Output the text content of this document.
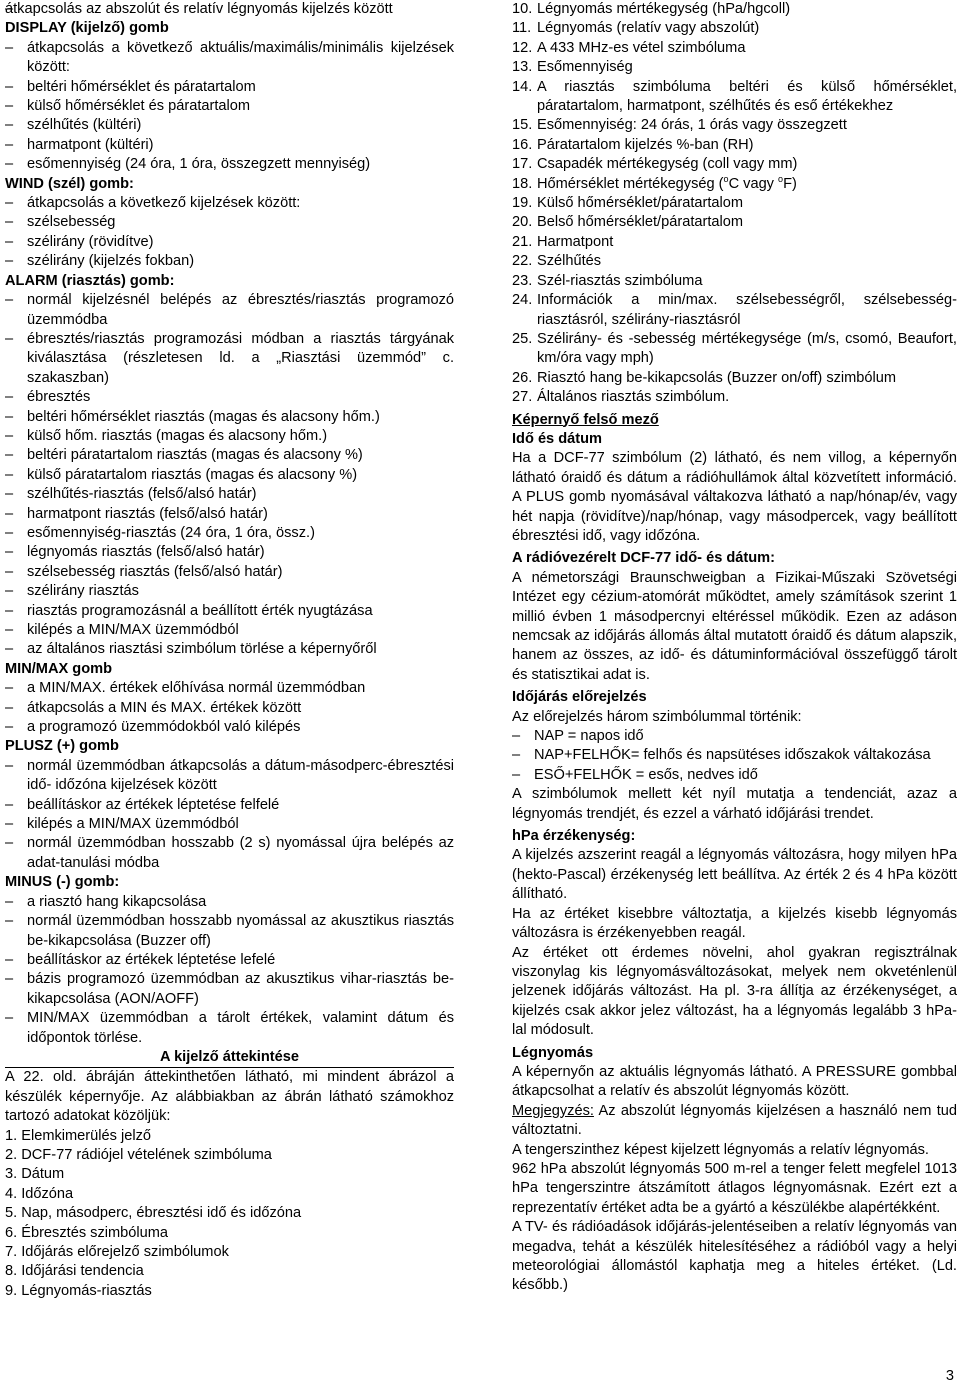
– átkapcsolás az abszolút és relatív légnyomás kijelzés között

DISPLAY (kijelző) gomb

– átkapcsolás a következő aktuális/maximális/minimális kijelzések között:

– beltéri hőmérséklet és páratartalom

– külső hőmérséklet és páratartalom

– szélhűtés (kültéri)

– harmatpont (kültéri)

– esőmennyiség (24 óra, 1 óra, összegzett mennyiség)

WIND (szél) gomb:

– átkapcsolás a következő kijelzések között:

– szélsebesség

– szélirány (rövidítve)

– szélirány (kijelzés fokban)

ALARM (riasztás) gomb:

– normál kijelzésnél belépés az ébresztés/riasztás programozó üzemmódba

– ébresztés/riasztás programozási módban a riasztás tárgyának kiválasztása (részletesen ld. a „Riasztási üzemmód” c. szakaszban)

– ébresztés

– beltéri hőmérséklet riasztás (magas és alacsony hőm.)

– külső hőm. riasztás (magas és alacsony hőm.)

– beltéri páratartalom riasztás (magas és alacsony %)

– külső páratartalom riasztás (magas és alacsony %)

– szélhűtés-riasztás (felső/alsó határ)

– harmatpont riasztás (felső/alsó határ)

– esőmennyiség-riasztás (24 óra, 1 óra, össz.)

– légnyomás riasztás (felső/alsó határ)

– szélsebesség riasztás (felső/alsó határ)

– szélirány riasztás

– riasztás programozásnál a beállított érték nyugtázása

– kilépés a MIN/MAX üzemmódból

– az általános riasztási szimbólum törlése a képernyőről

MIN/MAX gomb

– a MIN/MAX. értékek előhívása normál üzemmódban

– átkapcsolás a MIN és MAX. értékek között

– a programozó üzemmódokból való kilépés

PLUSZ (+) gomb

– normál üzemmódban átkapcsolás a dátum-másodperc-ébresztési idő- időzóna kijelzések között

– beállításkor az értékek léptetése felfelé

– kilépés a MIN/MAX üzemmódból

– normál üzemmódban hosszabb (2 s) nyomással újra belépés az adat-tanulási módba

MINUS (-) gomb:

– a riasztó hang kikapcsolása

– normál üzemmódban hosszabb nyomással az akusztikus riasztás be-kikapcsolása (Buzzer off)

– beállításkor az értékek léptetése lefelé

– bázis programozó üzemmódban az akusztikus vihar-riasztás be-kikapcsolása (AON/AOFF)

– MIN/MAX üzemmódban a tárolt értékek, valamint dátum és időpontok törlése.

A kijelző áttekintése

A 22. old. ábráján áttekinthetően látható, mi mindent ábrázol a készülék képernyője. Az alábbiakban az ábrán látható számokhoz tartozó adatokat közöljük:

1. Elemkimerülés jelző

2. DCF-77 rádiójel vételének szimbóluma

3. Dátum

4. Időzóna

5. Nap, másodperc, ébresztési idő és időzóna

6. Ébresztés szimbóluma

7. Időjárás előrejelző szimbólumok

8. Időjárási tendencia

9. Légnyomás-riasztás

10. Légnyomás mértékegység (hPa/hgcoll)

11. Légnyomás (relatív vagy abszolút)

12. A 433 MHz-es vétel szimbóluma

13. Esőmennyiség

14. A riasztás szimbóluma beltéri és külső hőmérséklet, páratartalom, harmatpont, szélhűtés és eső értékekhez

15. Esőmennyiség: 24 órás, 1 órás vagy összegzett

16. Páratartalom kijelzés %-ban (RH)

17. Csapadék mértékegység (coll vagy mm)

18. Hőmérséklet mértékegység ($^o$C vagy $^o$F)

19. Külső hőmérséklet/páratartalom

20. Belső hőmérséklet/páratartalom

21. Harmatpont

22. Szélhűtés

23. Szél-riasztás szimbóluma

24. Információk a min/max. szélsebességről, szélsebesség-riasztásról, szélirány-riasztásról

25. Szélirány- és -sebesség mértékegysége (m/s, csomó, Beaufort, km/óra vagy mph)

26. Riasztó hang be-kikapcsolás (Buzzer on/off) szimbólum

27. Általános riasztás szimbólum.

Képernyő felső mező

Idő és dátum

Ha a DCF-77 szimbólum (2) látható, és nem villog, a képernyőn látható óraidő és dátum a rádióhullámok által közvetített információ. A PLUS gomb nyomásával váltakozva látható a nap/hónap/év, vagy hét napja (rövidítve)/nap/hónap, vagy másodpercek, vagy beállított ébresztési idő, vagy időzóna.

A rádióvezérelt DCF-77 idő- és dátum:

A németországi Braunschweigban a Fizikai-Műszaki Szövetségi Intézet egy cézium-atomórát működtet, amely számítások szerint 1 millió évben 1 másodpercnyi eltéréssel működik. Ezen az adáson nemcsak az időjárás állomás által mutatott óraidő és dátum alapszik, hanem az összes, az idő- és dátuminformációval összefüggő tárolt és statisztikai adat is.

Időjárás előrejelzés

Az előrejelzés három szimbólummal történik:

– NAP = napos idő

– NAP+FELHŐK= felhős és napsütéses időszakok váltakozása

– ESŐ+FELHŐK = esős, nedves idő

A szimbólumok mellett két nyíl mutatja a tendenciát, azaz a légnyomás trendjét, és ezzel a várható időjárási trendet.

hPa érzékenység:

A kijelzés azszerint reagál a légnyomás változásra, hogy milyen hPa (hekto-Pascal) érzékenység lett beállítva. Az érték 2 és 4 hPa között állítható.

Ha az értéket kisebbre változtatja, a kijelzés kisebb légnyomás változásra is érzékenyebben reagál.

Az értéket ott érdemes növelni, ahol gyakran regisztrálnak viszonylag kis légnyomásváltozásokat, melyek nem okveténlenül jelzenek időjárás változást. Ha pl. 3-ra állítja az érzékenységet, a kijelzés csak akkor jelez változást, ha a légnyomás legalább 3 hPa-lal módosult.

Légnyomás

A képernyőn az aktuális légnyomás látható. A PRESSURE gombbal átkapcsolhat a relatív és abszolút légnyomás között.

Megjegyzés: Az abszolút légnyomás kijelzésen a használó nem tud változtatni.

A tengerszinthez képest kijelzett légnyomás a relatív légnyomás.

962 hPa abszolút légnyomás 500 m-rel a tenger felett megfelel 1013 hPa tengerszintre átszámított átlagos légnyomásnak. Ezért ezt a reprezentatív értéket adta be a gyártó a készülékbe alapértékként.

A TV- és rádióadások időjárás-jelentéseiben a relatív légnyomás van megadva, tehát a készülék hitelesítéséhez a rádióból vagy a helyi meteorológiai állomástól kaphatja meg a hiteles értéket. (Ld. később.)

3
